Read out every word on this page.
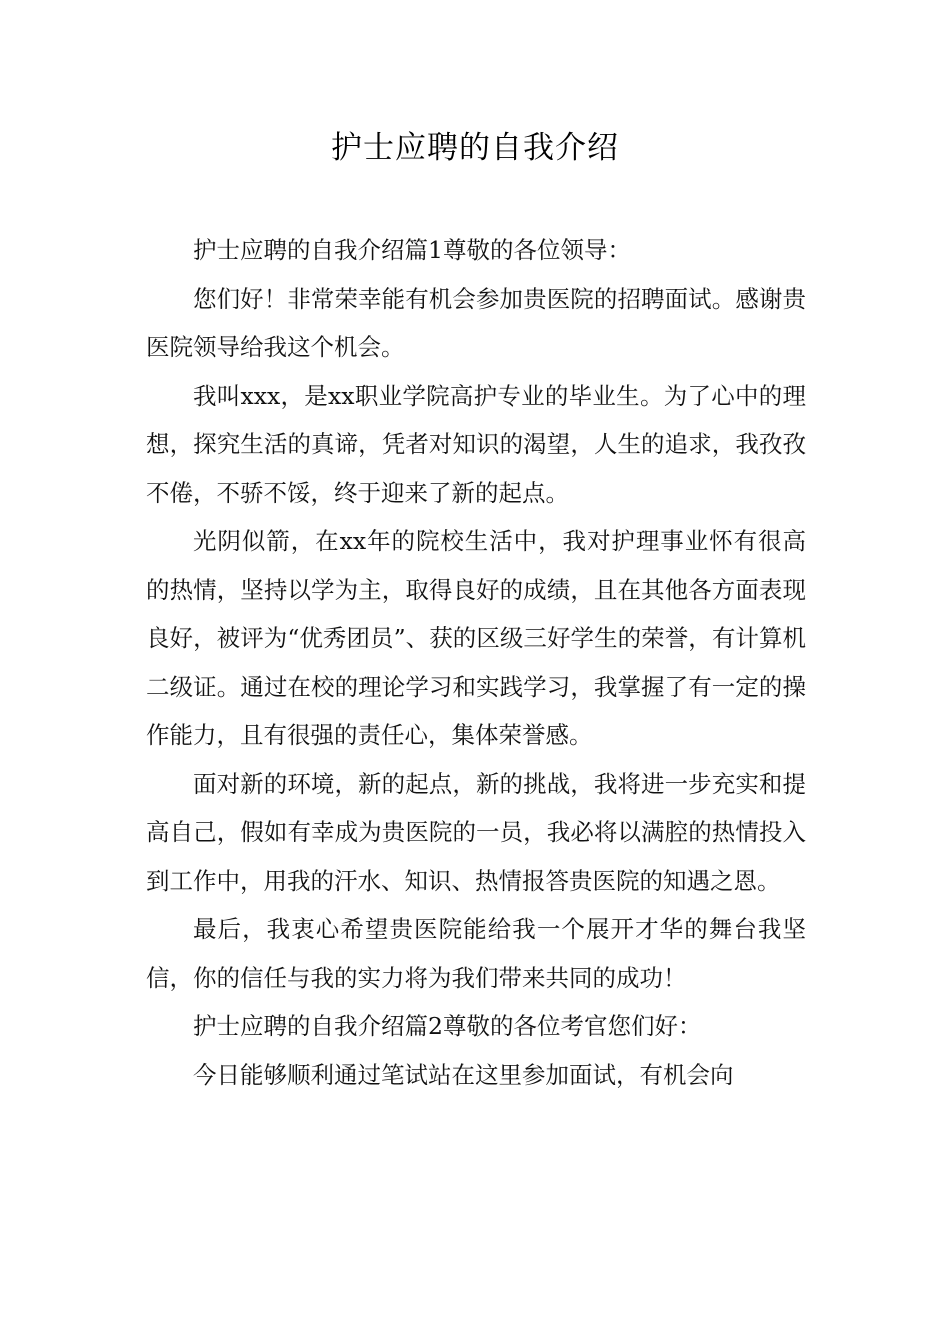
护士应聘的自我介绍

护士应聘的自我介绍篇1尊敬的各位领导：

您们好！非常荣幸能有机会参加贵医院的招聘面试。感谢贵医院领导给我这个机会。

我叫xxx，是xx职业学院高护专业的毕业生。为了心中的理想，探究生活的真谛，凭者对知识的渴望，人生的追求，我孜孜不倦，不骄不馁，终于迎来了新的起点。

光阴似箭，在xx年的院校生活中，我对护理事业怀有很高的热情，坚持以学为主，取得良好的成绩，且在其他各方面表现良好，被评为“优秀团员”、获的区级三好学生的荣誉，有计算机二级证。通过在校的理论学习和实践学习，我掌握了有一定的操作能力，且有很强的责任心，集体荣誉感。

面对新的环境，新的起点，新的挑战，我将进一步充实和提高自己，假如有幸成为贵医院的一员，我必将以满腔的热情投入到工作中，用我的汗水、知识、热情报答贵医院的知遇之恩。

最后，我衷心希望贵医院能给我一个展开才华的舞台我坚信，你的信任与我的实力将为我们带来共同的成功！

护士应聘的自我介绍篇2尊敬的各位考官您们好：

今日能够顺利通过笔试站在这里参加面试，有机会向
